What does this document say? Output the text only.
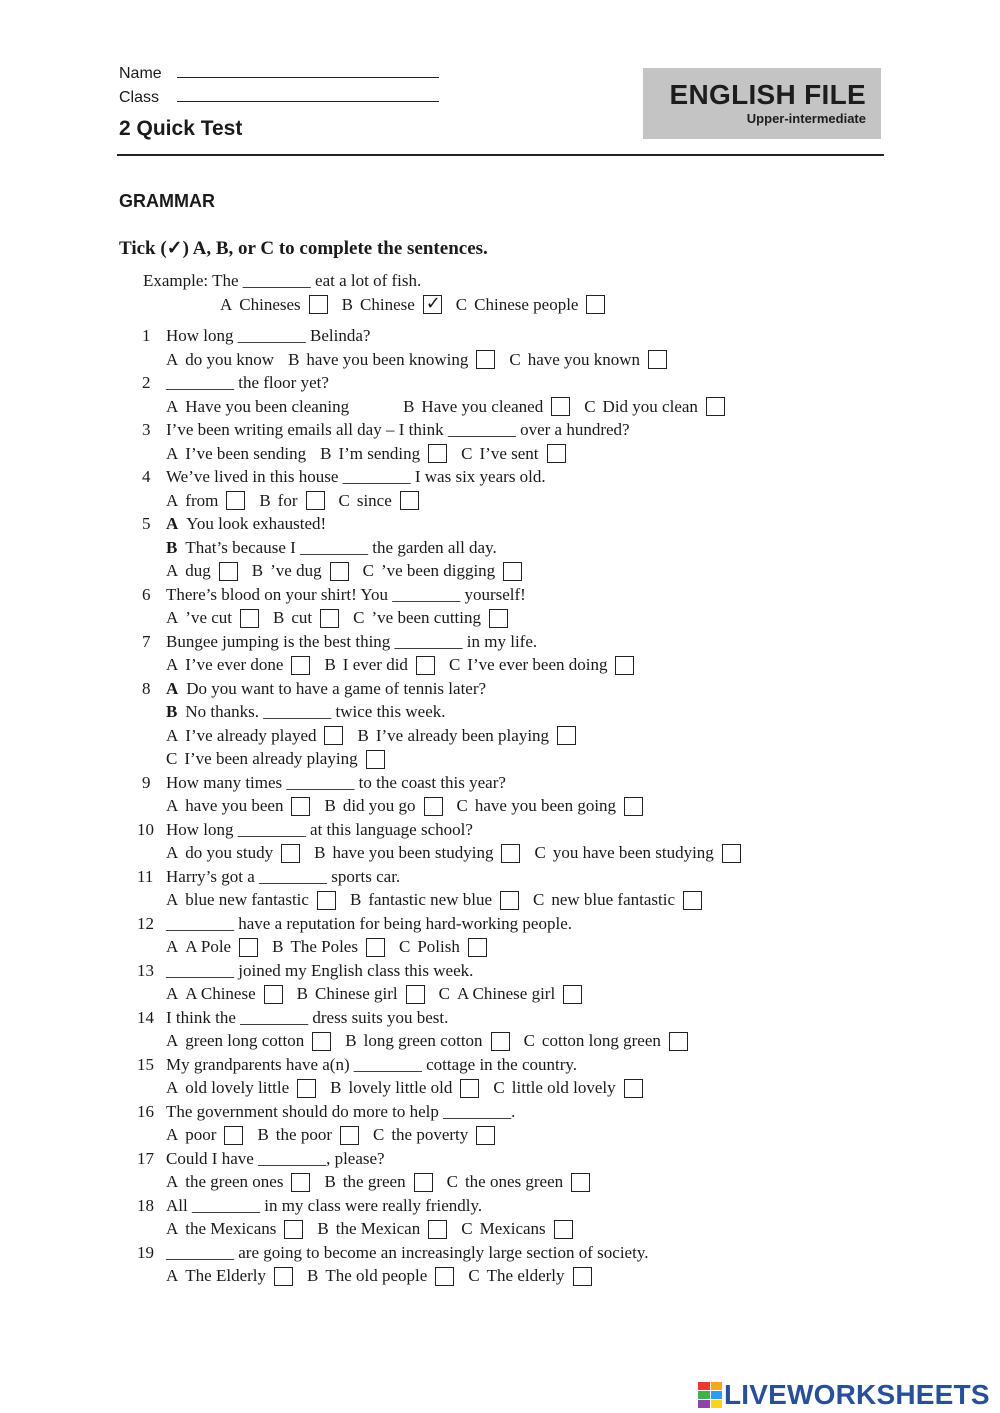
Name
Class
2 Quick Test
ENGLISH FILE
Upper-intermediate
GRAMMAR
Tick (✓) A, B, or C to complete the sentences.
Example: The ________ eat a lot of fish.
A Chineses B Chinese
✓ C Chinese people
1 How long ________ Belinda?
A do you know B have you been knowing C have you known
2 ________ the floor yet?
A Have you been cleaning	B Have you cleaned C Did you clean
3 I’ve been writing emails all day – I think ________ over a hundred?
A I’ve been sending B I’m sending C I’ve sent
4 We’ve lived in this house ________ I was six years old.
A from B for C since
5 A You look exhausted!
B That’s because I ________ the garden all day.
A dug B ’ve dug C ’ve been digging
6 There’s blood on your shirt! You ________ yourself!
A ’ve cut B cut C ’ve been cutting
7 Bungee jumping is the best thing ________ in my life.
A I’ve ever done B I ever did C I’ve ever been doing
8 A Do you want to have a game of tennis later?
B No thanks. ________ twice this week.
A I’ve already played B I’ve already been playing
C I’ve been already playing
9 How many times ________ to the coast this year?
A have you been B did you go C have you been going
10 How long ________ at this language school?
A do you study B have you been studying C you have been studying
11 Harry’s got a ________ sports car.
A blue new fantastic B fantastic new blue C new blue fantastic
12 ________ have a reputation for being hard-working people.
A A Pole B The Poles C Polish
13 ________ joined my English class this week.
A A Chinese B Chinese girl C A Chinese girl
14 I think the ________ dress suits you best.
A green long cotton B long green cotton C cotton long green
15 My grandparents have a(n) ________ cottage in the country.
A old lovely little B lovely little old C little old lovely
16 The government should do more to help ________.
A poor B the poor C the poverty
17 Could I have ________, please?
A the green ones B the green C the ones green
18 All ________ in my class were really friendly.
A the Mexicans B the Mexican C Mexicans
19 ________ are going to become an increasingly large section of society.
A The Elderly B The old people C The elderly
LIVEWORKSHEETS
